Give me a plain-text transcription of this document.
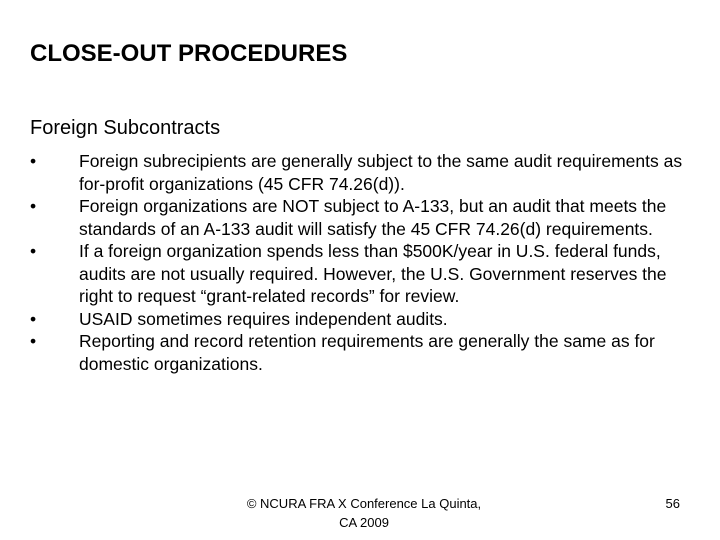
CLOSE-OUT PROCEDURES
Foreign Subcontracts
•	Foreign subrecipients are generally subject to the same audit requirements as for-profit organizations (45 CFR 74.26(d)).
•	Foreign organizations are NOT subject to A-133, but an audit that meets the standards of an A-133 audit will satisfy the 45 CFR 74.26(d) requirements.
•	If a foreign organization spends less than $500K/year in U.S. federal funds, audits are not usually required. However, the U.S. Government reserves the right to request “grant-related records” for review.
•	USAID sometimes requires independent audits.
•	Reporting and record retention requirements are generally the same as for domestic organizations.
© NCURA FRA X Conference La Quinta, CA 2009
56
